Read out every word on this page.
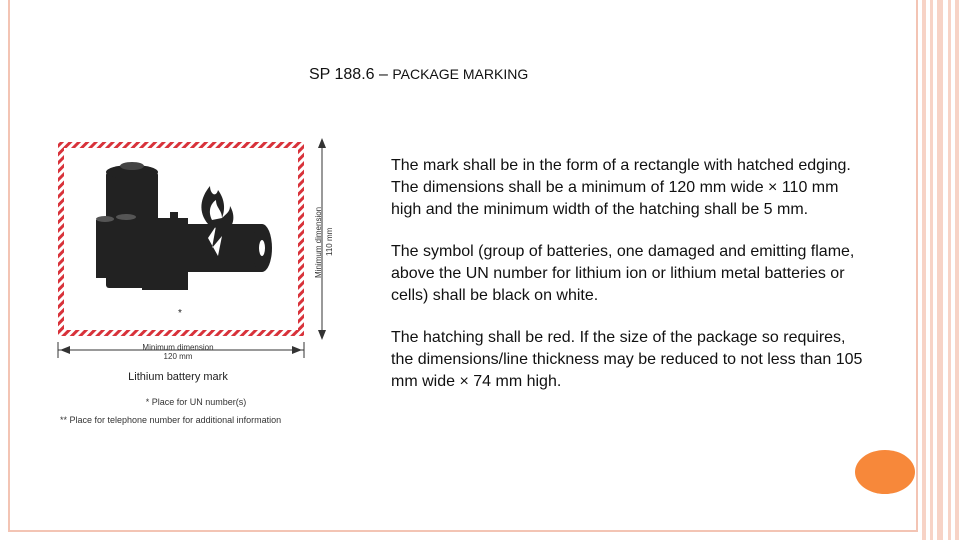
SP 188.6 – PACKAGE MARKING
*
Minimum dimension 110 mm
Minimum dimension
120 mm
Lithium battery mark
* Place for UN number(s)
** Place for telephone number for additional information

The mark shall be in the form of a rectangle with hatched edging. The dimensions shall be a minimum of 120 mm wide × 110 mm high and the minimum width of the hatching shall be 5 mm.

The symbol (group of batteries, one damaged and emitting flame, above the UN number for lithium ion or lithium metal batteries or cells) shall be black on white.

The hatching shall be red. If the size of the package so requires, the dimensions/line thickness may be reduced to not less than 105 mm wide × 74 mm high.
